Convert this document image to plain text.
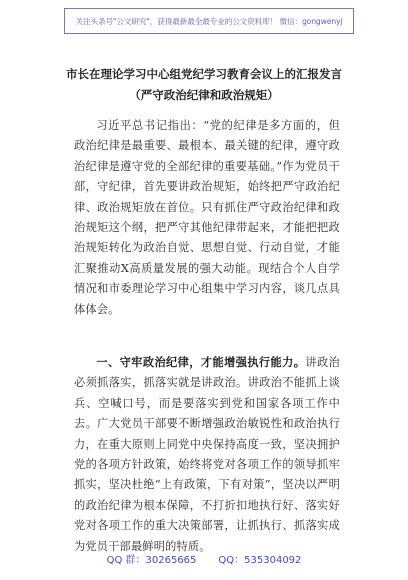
关注头条号"公文研究"，获得最新最全最专业的公文资料库！ 微信：gongwenyj
市长在理论学习中心组党纪学习教育会议上的汇报发言
（严守政治纪律和政治规矩）

习近平总书记指出：“党的纪律是多方面的，但政治纪律是最重要、最根本、最关键的纪律，遵守政治纪律是遵守党的全部纪律的重要基础。”作为党员干部，守纪律，首先要讲政治规矩，始终把严守政治纪律、政治规矩放在首位。只有抓住严守政治纪律和政治规矩这个纲，把严守其他纪律带起来，才能把把政治规矩转化为政治自觉、思想自觉、行动自觉，才能汇聚推动X高质量发展的强大动能。现结合个人自学情况和市委理论学习中心组集中学习内容，谈几点具体体会。

一、守牢政治纪律，才能增强执行能力。讲政治必须抓落实，抓落实就是讲政治。讲政治不能抓上谈兵、空喊口号，而是要落实到党和国家各项工作中去。广大党员干部要不断增强政治敏锐性和政治执行力，在重大原则上同党中央保持高度一致，坚决拥护党的各项方针政策，始终将党对各项工作的领导抓牢抓实，坚决杜绝“上有政策，下有对策”，坚决以严明的政治纪律为根本保障，不打折扣地执行好、落实好党对各项工作的重大决策部署，让抓执行、抓落实成为党员干部最鲜明的特质。

QQ 群：30265665 QQ：535304092
